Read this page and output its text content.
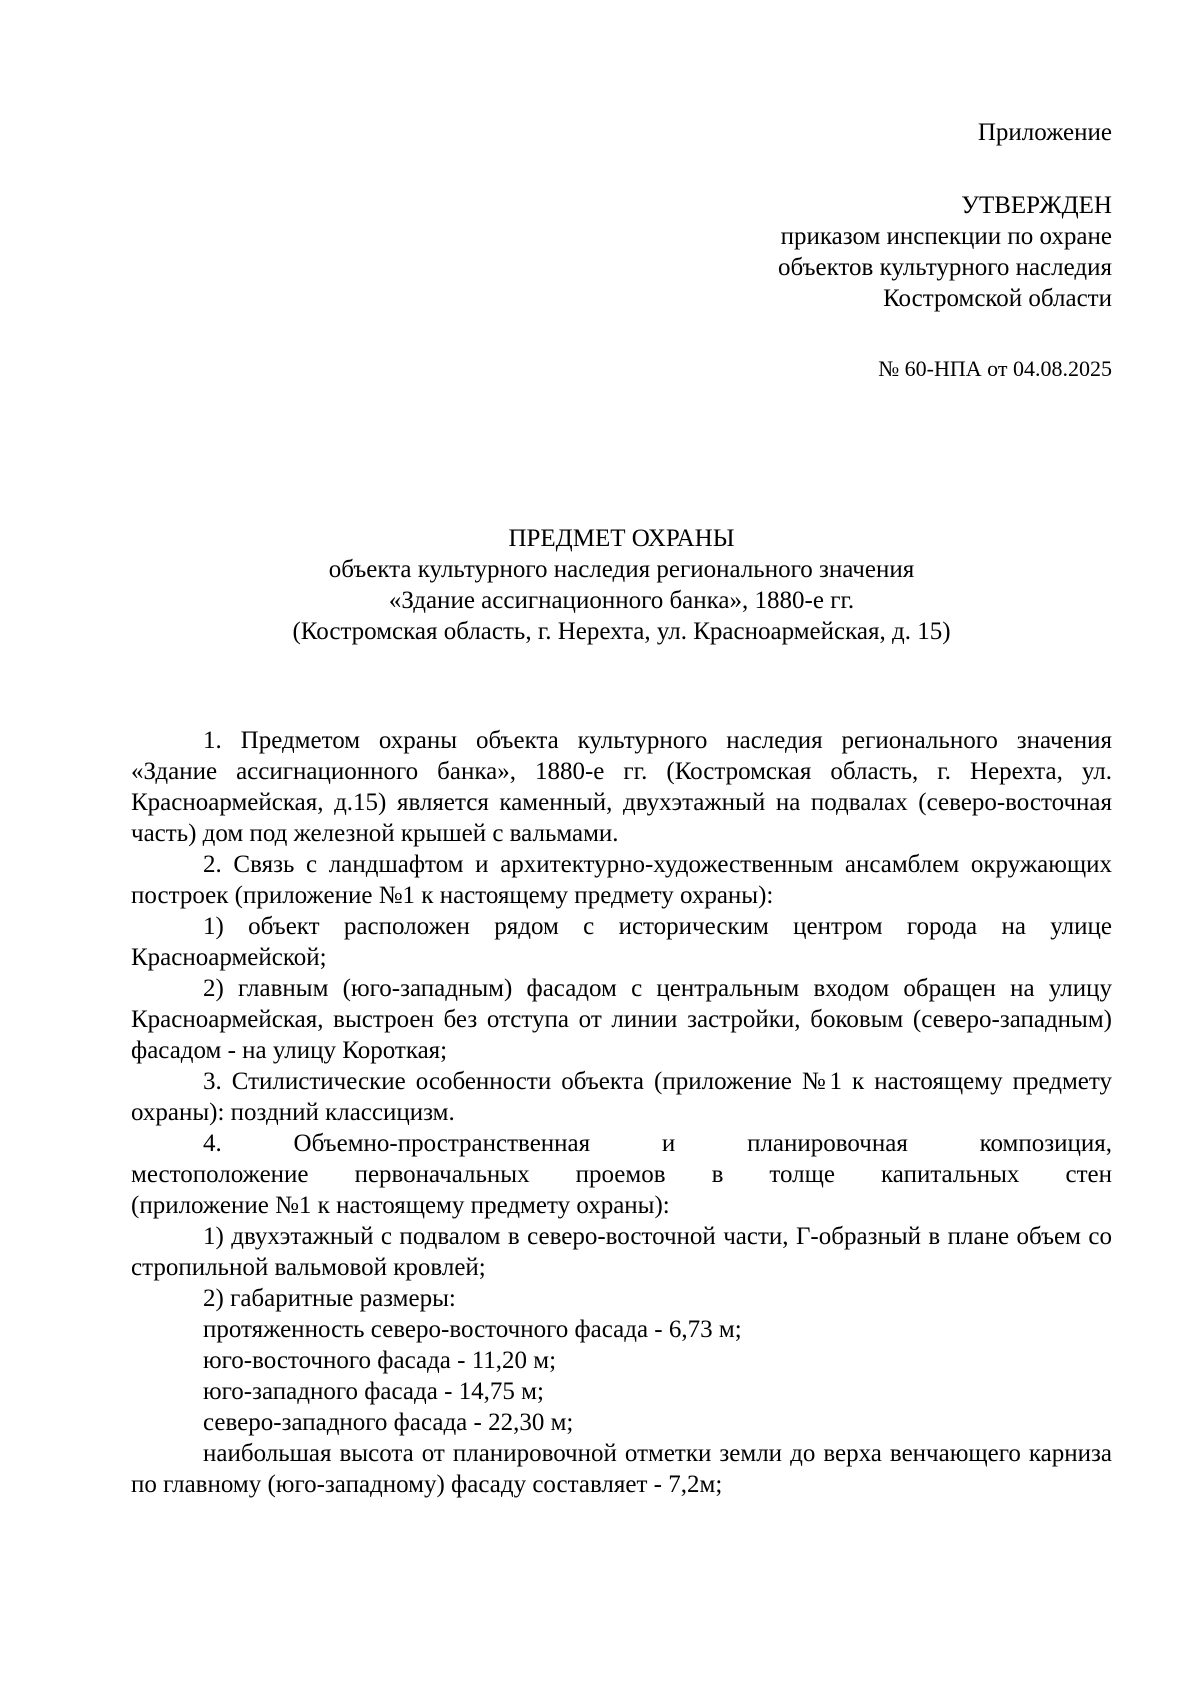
Приложение
УТВЕРЖДЕН
приказом инспекции по охране
объектов культурного наследия
Костромской области
№ 60-НПА от 04.08.2025
ПРЕДМЕТ ОХРАНЫ
объекта культурного наследия регионального значения
«Здание ассигнационного банка», 1880-е гг.
(Костромская область, г. Нерехта, ул. Красноармейская, д. 15)

1. Предметом охраны объекта культурного наследия регионального значения «Здание ассигнационного банка», 1880-е гг. (Костромская область, г. Нерехта, ул. Красноармейская, д.15) является каменный, двухэтажный на подвалах (северо-восточная часть) дом под железной крышей с вальмами.

2. Связь с ландшафтом и архитектурно-художественным ансамблем окружающих построек (приложение №1 к настоящему предмету охраны):

1) объект расположен рядом с историческим центром города на улице Красноармейской;

2) главным (юго-западным) фасадом с центральным входом обращен на улицу Красноармейская, выстроен без отступа от линии застройки, боковым (северо-западным) фасадом - на улицу Короткая;

3. Стилистические особенности объекта (приложение №1 к настоящему предмету охраны): поздний классицизм.

4.	Объемно-пространственная	и	планировочная	композиция,
местоположение первоначальных проемов в толще капитальных стен

(приложение №1 к настоящему предмету охраны):

1) двухэтажный с подвалом в северо-восточной части, Г-образный в плане объем со стропильной вальмовой кровлей;

2) габаритные размеры:

протяженность северо-восточного фасада - 6,73 м;

юго-восточного фасада - 11,20 м;

юго-западного фасада - 14,75 м;

северо-западного фасада - 22,30 м;

наибольшая высота от планировочной отметки земли до верха венчающего карниза по главному (юго-западному) фасаду составляет - 7,2м;
